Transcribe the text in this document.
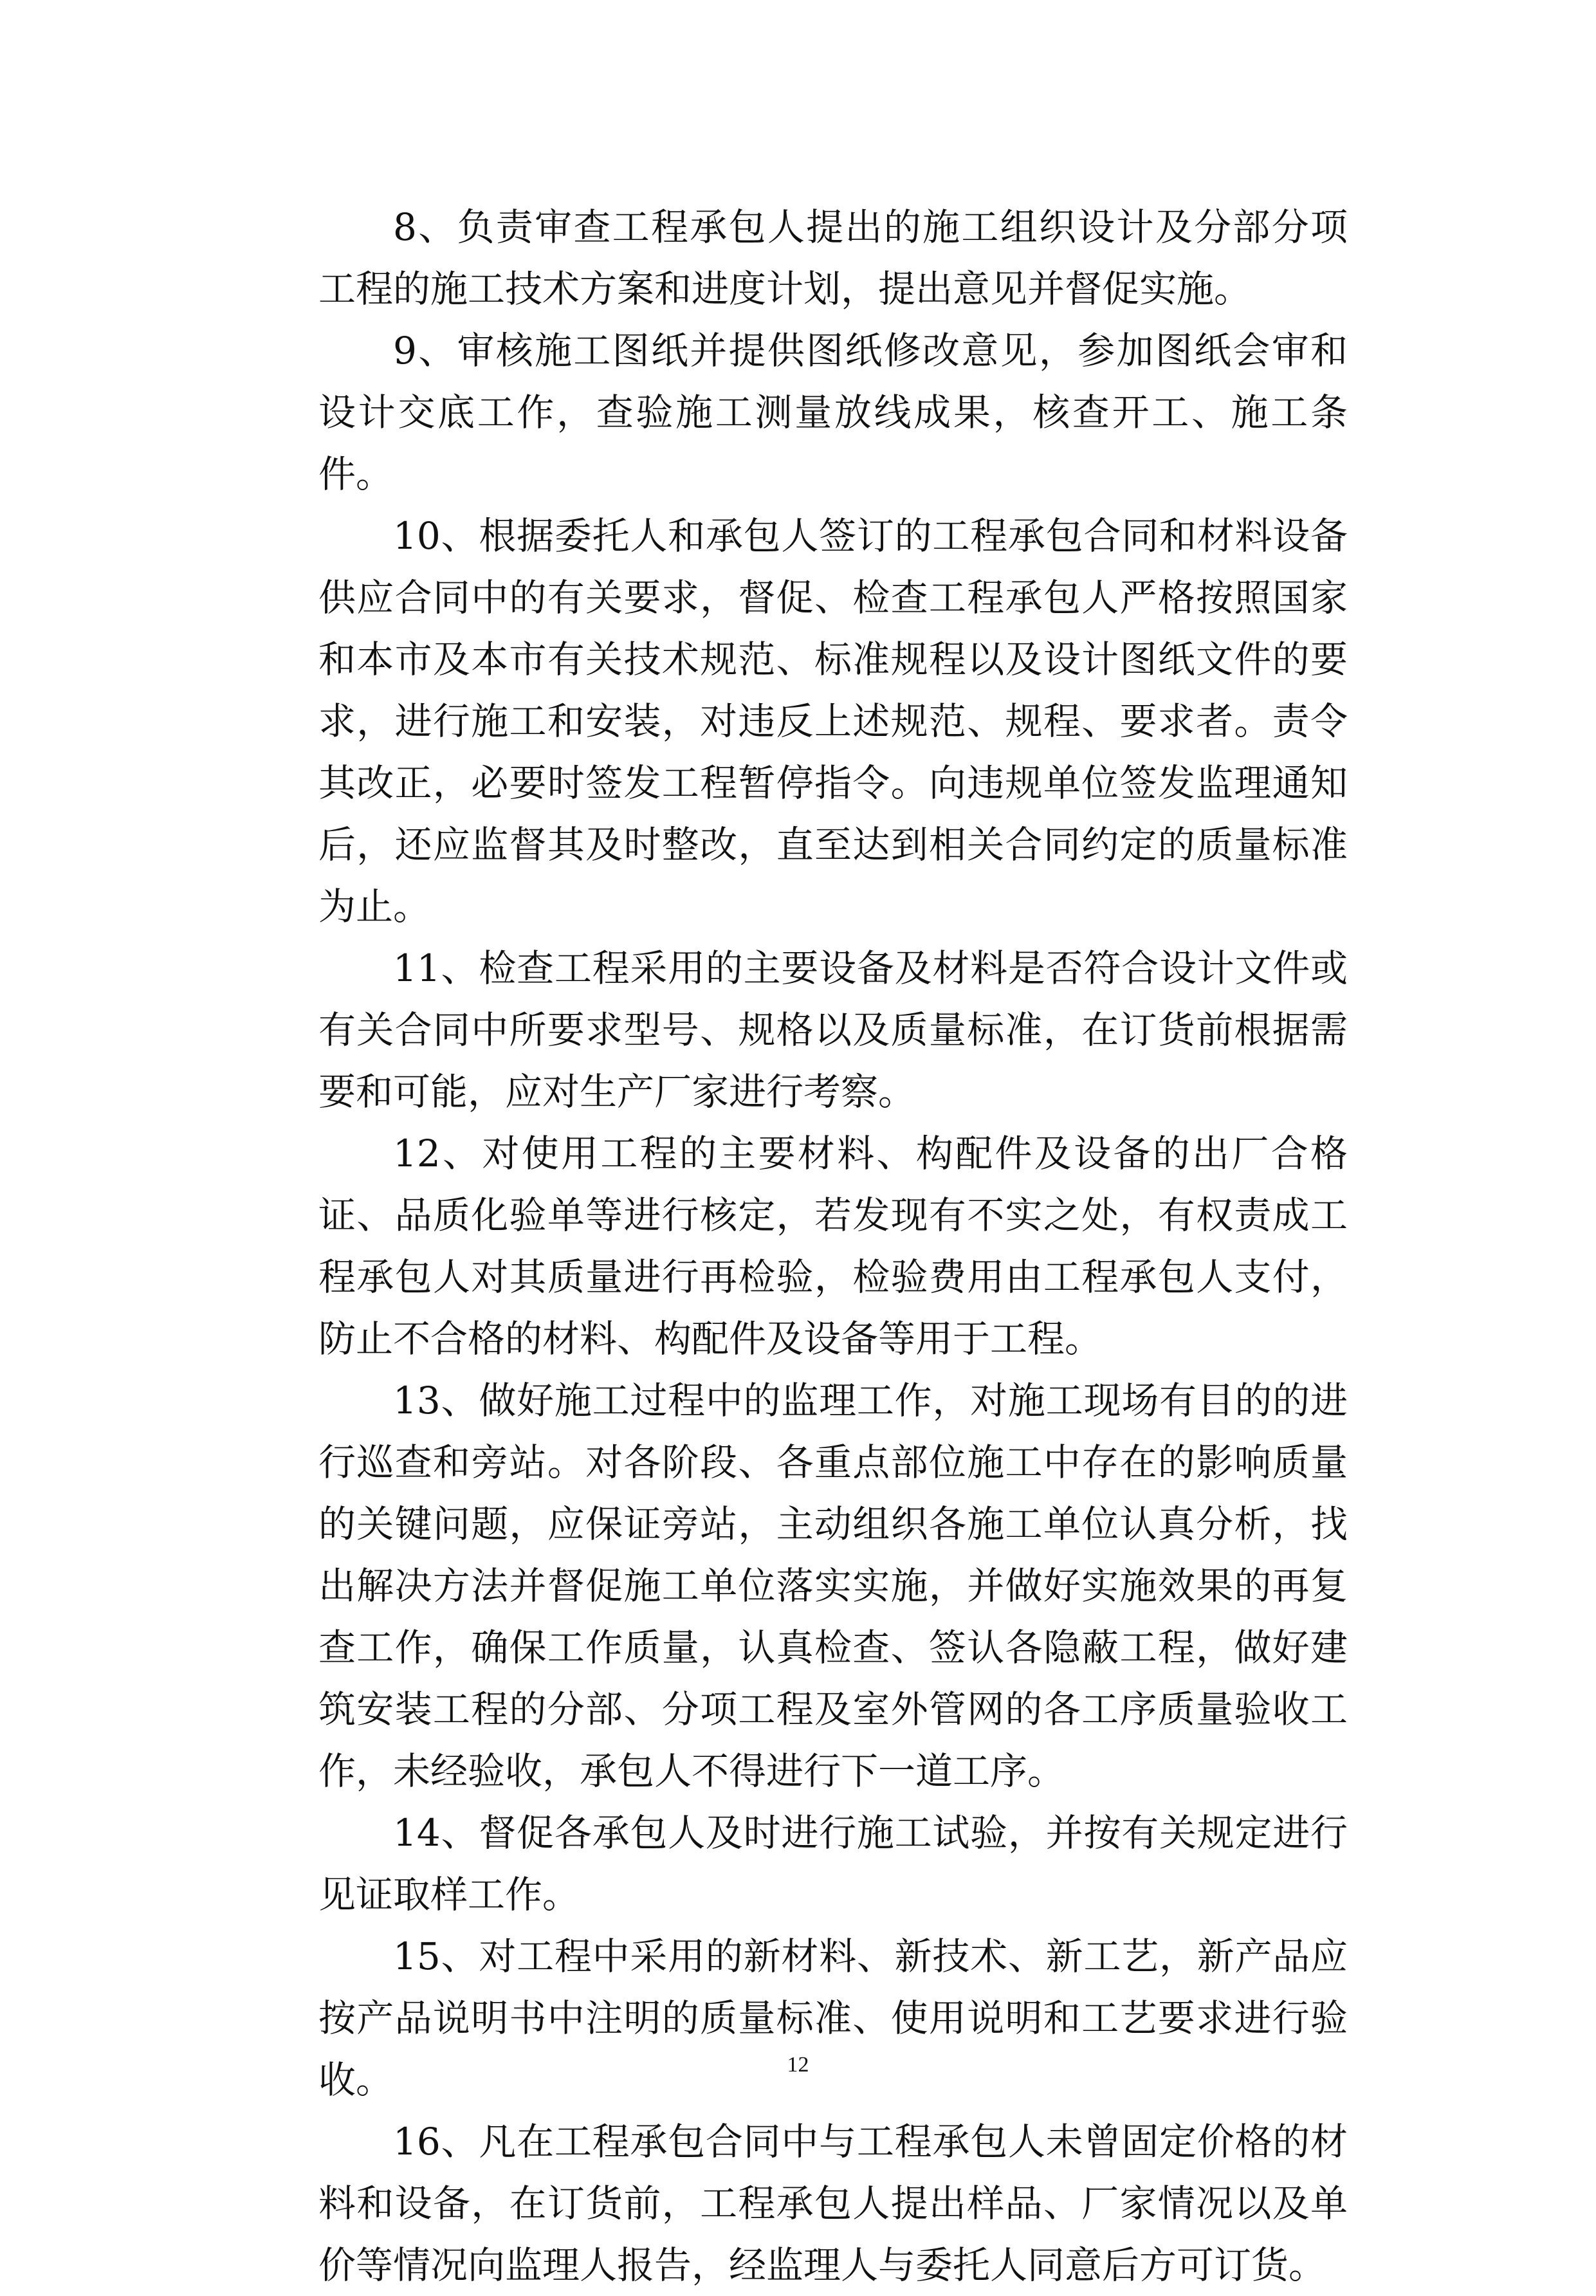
8、负责审查工程承包人提出的施工组织设计及分部分项工程的施工技术方案和进度计划，提出意见并督促实施。

9、审核施工图纸并提供图纸修改意见，参加图纸会审和设计交底工作，查验施工测量放线成果，核查开工、施工条件。

10、根据委托人和承包人签订的工程承包合同和材料设备供应合同中的有关要求，督促、检查工程承包人严格按照国家和本市及本市有关技术规范、标准规程以及设计图纸文件的要求，进行施工和安装，对违反上述规范、规程、要求者。责令其改正，必要时签发工程暂停指令。向违规单位签发监理通知后，还应监督其及时整改，直至达到相关合同约定的质量标准为止。

11、检查工程采用的主要设备及材料是否符合设计文件或有关合同中所要求型号、规格以及质量标准，在订货前根据需要和可能，应对生产厂家进行考察。

12、对使用工程的主要材料、构配件及设备的出厂合格证、品质化验单等进行核定，若发现有不实之处，有权责成工程承包人对其质量进行再检验，检验费用由工程承包人支付，防止不合格的材料、构配件及设备等用于工程。

13、做好施工过程中的监理工作，对施工现场有目的的进行巡查和旁站。对各阶段、各重点部位施工中存在的影响质量的关键问题，应保证旁站，主动组织各施工单位认真分析，找出解决方法并督促施工单位落实实施，并做好实施效果的再复查工作，确保工作质量，认真检查、签认各隐蔽工程，做好建筑安装工程的分部、分项工程及室外管网的各工序质量验收工作，未经验收，承包人不得进行下一道工序。

14、督促各承包人及时进行施工试验，并按有关规定进行见证取样工作。

15、对工程中采用的新材料、新技术、新工艺，新产品应按产品说明书中注明的质量标准、使用说明和工艺要求进行验收。

16、凡在工程承包合同中与工程承包人未曾固定价格的材料和设备，在订货前，工程承包人提出样品、厂家情况以及单价等情况向监理人报告，经监理人与委托人同意后方可订货。

12
